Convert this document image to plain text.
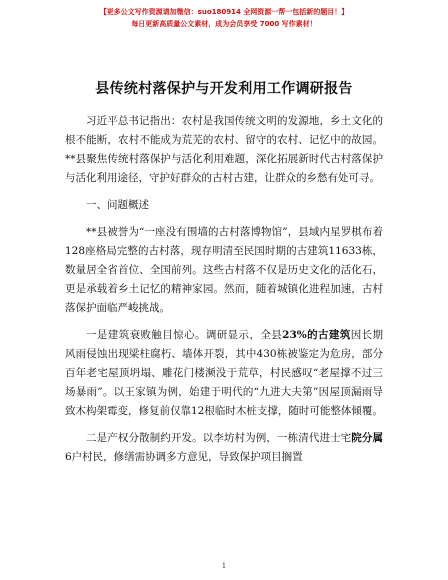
【更多公文写作资源请加微信：suo180914 全网资源一帮一包括新的题目！】
每日更新高质量公文素材，成为会员享受 7000 写作素材！
县传统村落保护与开发利用工作调研报告

习近平总书记指出：农村是我国传统文明的发源地，乡土文化的根不能断，农村不能成为荒芜的农村、留守的农村、记忆中的故园。**县聚焦传统村落保护与活化利用难题，深化拓展新时代古村落保护与活化利用途径，守护好群众的古村古建，让群众的乡愁有处可寻。

一、问题概述

**县被誉为“一座没有围墙的古村落博物馆”，县域内星罗棋布着128座格局完整的古村落，现存明清至民国时期的古建筑11633栋，数量居全省首位、全国前列。这些古村落不仅是历史文化的活化石，更是承载着乡土记忆的精神家园。然而，随着城镇化进程加速，古村落保护面临严峻挑战。

一是建筑衰败触目惊心。调研显示，全县23%的古建筑因长期风雨侵蚀出现梁柱腐朽、墙体开裂，其中430栋被鉴定为危房，部分百年老宅屋顶坍塌、雕花门楼濒没于荒草，村民感叹“老屋撑不过三场暴雨”。以王家镇为例，始建于明代的“九进大夫第”因屋顶漏雨导致木构架霉变，修复前仅靠12根临时木桩支撑，随时可能整体倾覆。

二是产权分散制约开发。以李坊村为例，一栋清代进士宅院分属6户村民，修缮需协调多方意见，导致保护项目搁置

1
